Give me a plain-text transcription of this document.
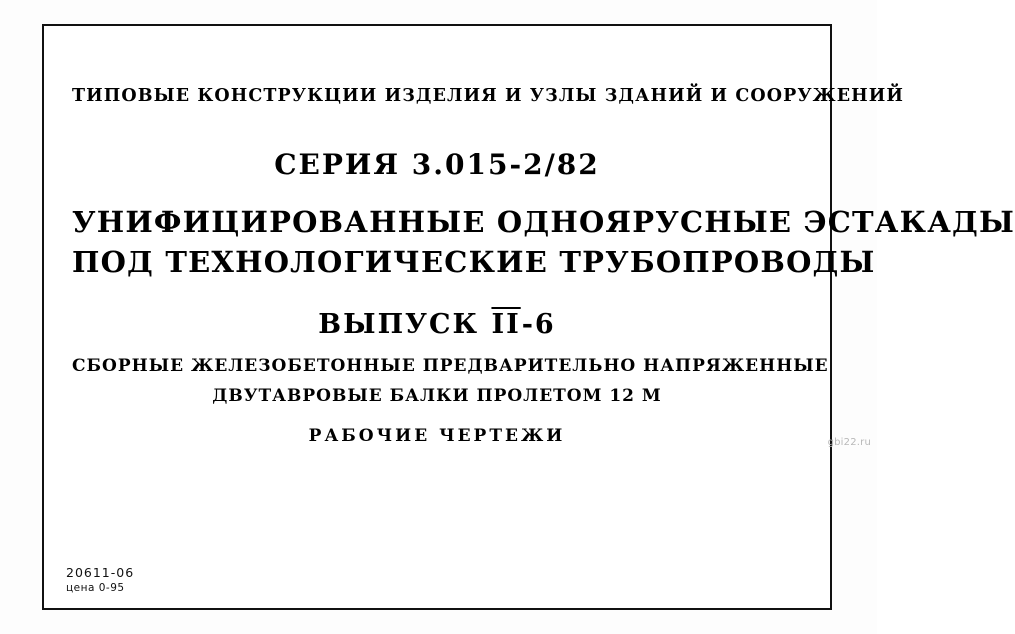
ТИПОВЫЕ КОНСТРУКЦИИ ИЗДЕЛИЯ И УЗЛЫ ЗДАНИЙ И СООРУЖЕНИЙ
СЕРИЯ 3.015-2/82
УНИФИЦИРОВАННЫЕ ОДНОЯРУСНЫЕ ЭСТАКАДЫ
ПОД ТЕХНОЛОГИЧЕСКИЕ ТРУБОПРОВОДЫ
ВЫПУСК $\overline{II}-6$
СБОРНЫЕ ЖЕЛЕЗОБЕТОННЫЕ ПРЕДВАРИТЕЛЬНО НАПРЯЖЕННЫЕ
ДВУТАВРОВЫЕ БАЛКИ ПРОЛЕТОМ 12 М
РАБОЧИЕ ЧЕРТЕЖИ
20611-06
цена 0-95
gbi22.ru
